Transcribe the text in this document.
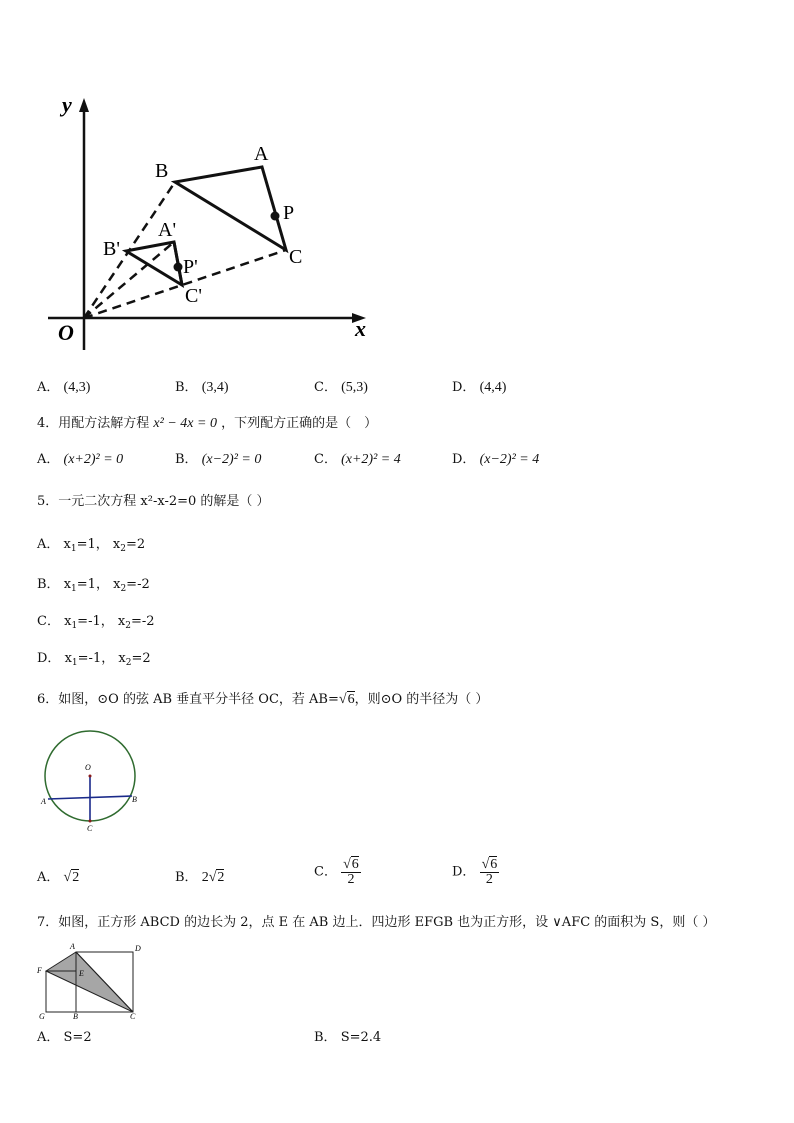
y
x
O
A
B
C
P
A'
B'
C'
P'
A． (4,3)	B． (3,4)	C． (5,3)	D． (4,4)
4．用配方法解方程 x² − 4x = 0 ，下列配方正确的是（　）
A． (x+2)² = 0	B． (x−2)² = 0	C． (x+2)² = 4	D． (x−2)² = 4
5．一元二次方程 x²-x-2=0 的解是（ ）
A． $x_1=1$， $x_2=2$
B． $x_1=1$， $x_2=-2$
C． $x_1=-1$， $x_2=-2$
D． $x_1=-1$， $x_2=2$
6．如图，⊙O 的弦 AB 垂直平分半径 OC，若 AB=√6，则⊙O 的半径为（ ）
O
A	B
C
A． √2	B． 2√2	C． $\frac{√6}{2}$	D． $\frac{√6}{2}$
7．如图，正方形 ABCD 的边长为 2，点 E 在 AB 边上．四边形 EFGB 也为正方形，设 ∨AFC 的面积为 S，则（ ）
A	D
F	E
G	B	C
A． S=2	B． S=2.4
